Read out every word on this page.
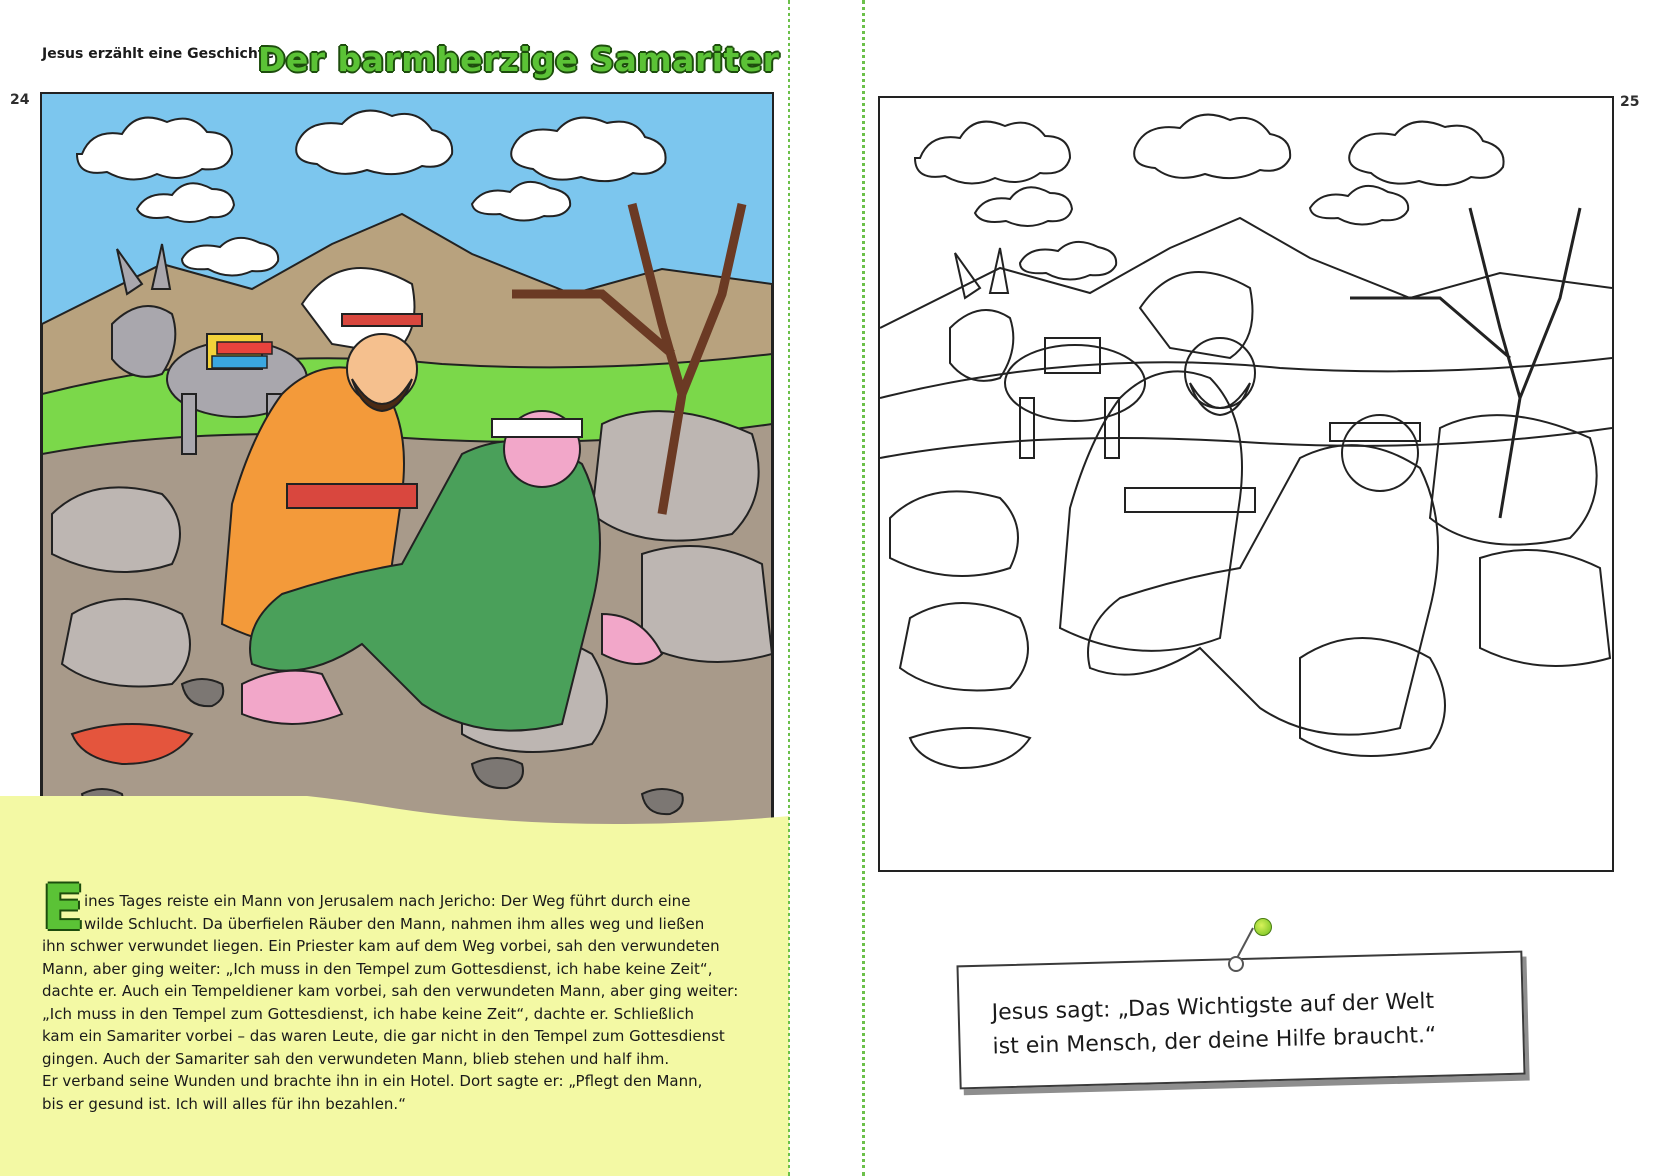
Jesus erzählt eine Geschichte:
Der barmherzige Samariter
24
E ines Tages reiste ein Mann von Jerusalem nach Jericho: Der Weg führt durch eine

wilde Schlucht. Da überfielen Räuber den Mann, nahmen ihm alles weg und ließen

ihn schwer verwundet liegen. Ein Priester kam auf dem Weg vorbei, sah den verwundeten

Mann, aber ging weiter: „Ich muss in den Tempel zum Gottesdienst, ich habe keine Zeit“,

dachte er. Auch ein Tempeldiener kam vorbei, sah den verwundeten Mann, aber ging weiter:

„Ich muss in den Tempel zum Gottesdienst, ich habe keine Zeit“, dachte er. Schließlich

kam ein Samariter vorbei – das waren Leute, die gar nicht in den Tempel zum Gottesdienst

gingen. Auch der Samariter sah den verwundeten Mann, blieb stehen und half ihm.

Er verband seine Wunden und brachte ihn in ein Hotel. Dort sagte er: „Pflegt den Mann,

bis er gesund ist. Ich will alles für ihn bezahlen.“

25
Jesus sagt: „Das Wichtigste auf der Welt
ist ein Mensch, der deine Hilfe braucht.“
